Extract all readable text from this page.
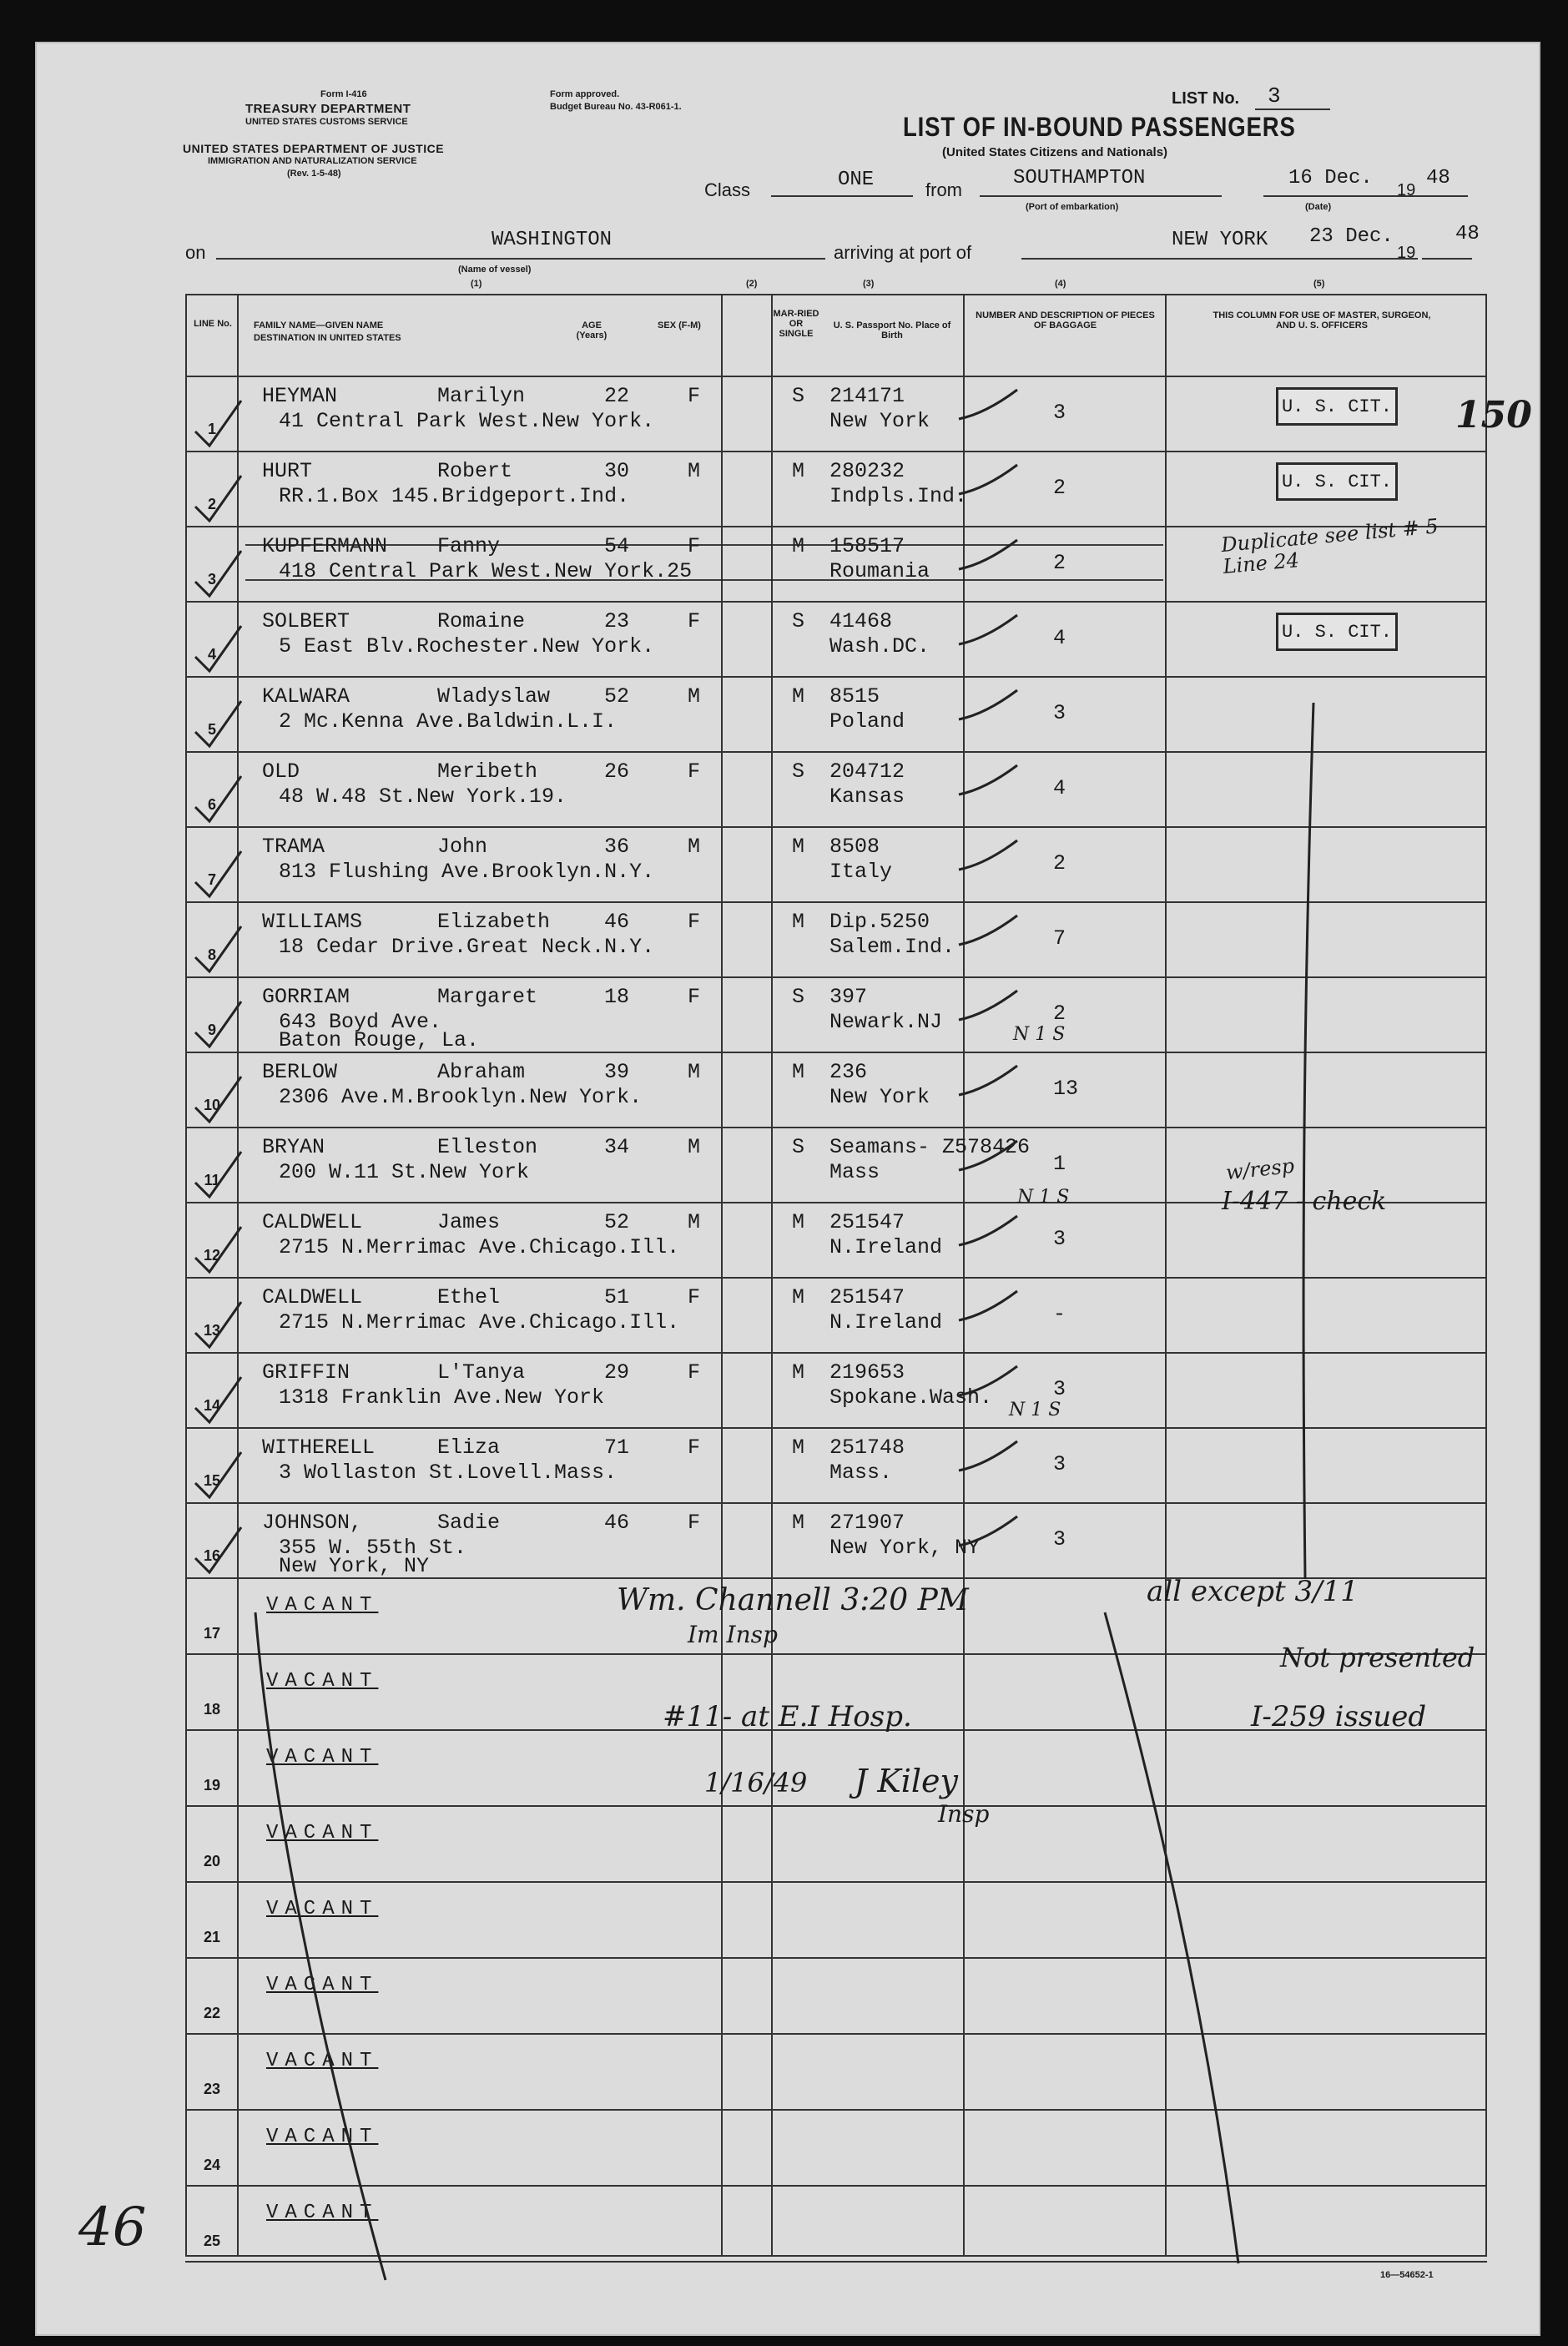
Form I-416
TREASURY DEPARTMENT
UNITED STATES CUSTOMS SERVICE
Form approved.
Budget Bureau No. 43-R061-1.
UNITED STATES DEPARTMENT OF JUSTICE
IMMIGRATION AND NATURALIZATION SERVICE
(Rev. 1-5-48)
LIST No. 3
LIST OF IN-BOUND PASSENGERS
(United States Citizens and Nationals)
Class	ONE	from
SOUTHAMPTON
(Port of embarkation)
16 Dec.
19
48
(Date)
on
WASHINGTON
(Name of vessel)
arriving at port of
NEW YORK 23 Dec.
19
48
(1)	(2)	(3)	(4)	(5)
LINE No. FAMILY NAME—GIVEN NAME
DESTINATION IN UNITED STATES
AGE (Years)
SEX (F-M)
MAR-RIED OR SINGLE
U. S. Passport No. Place of Birth
NUMBER AND DESCRIPTION OF PIECES OF BAGGAGE
THIS COLUMN FOR USE OF MASTER, SURGEON, AND U. S. OFFICERS
1
HEYMAN	Marilyn
41 Central Park West.New York.
22	F	S 214171
New York	3	U. S. CIT.
2
HURT	Robert
RR.1.Box 145.Bridgeport.Ind.
30	M	M 280232
Indpls.Ind.	2	U. S. CIT.
3
KUPFERMANN Fanny
418 Central Park West.New York.25
54	F	M 158517
Roumania	2
4
SOLBERT	Romaine
5 East Blv.Rochester.New York.
23	F	S 41468
Wash.DC.	4	U. S. CIT.
5
KALWARA	Wladyslaw
2 Mc.Kenna Ave.Baldwin.L.I.
52	M	M 8515
Poland	3
6
OLD	Meribeth
48 W.48 St.New York.19.
26	F	S 204712
Kansas	4
7
TRAMA	John
813 Flushing Ave.Brooklyn.N.Y.
36	M	M 8508
Italy	2
8
WILLIAMS	Elizabeth
18 Cedar Drive.Great Neck.N.Y.
46	F	M Dip.5250
Salem.Ind.	7
9
GORRIAM	Margaret
643 Boyd Ave.
Baton Rouge, La.
18	F	S 397
Newark.NJ	2
10
BERLOW	Abraham
2306 Ave.M.Brooklyn.New York.
39	M	M 236
New York	13
11
BRYAN	Elleston
200 W.11 St.New York
34	M	S Seamans- Z578426
Mass	1
12
CALDWELL	James
2715 N.Merrimac Ave.Chicago.Ill.
52	M	M 251547
N.Ireland	3
13
CALDWELL	Ethel
2715 N.Merrimac Ave.Chicago.Ill.
51	F	M 251547
N.Ireland	-
14
GRIFFIN	L'Tanya
1318 Franklin Ave.New York
29	F	M 219653
Spokane.Wash.	3
15
WITHERELL	Eliza
3 Wollaston St.Lovell.Mass.
71	F	M 251748
Mass.	3
16
JOHNSON,	Sadie
355 W. 55th St.
New York, NY
46	F	M 271907
New York, NY	3
17
VACANT
18
VACANT
19
VACANT
20
VACANT
21
VACANT
22
VACANT
23
VACANT
24
VACANT
25
VACANT
150
Duplicate see list # 5 Line 24
w/resp
I-447 - check
N 1 S
N 1 S
N 1 S
Wm. Channell 3:20 PM
Im Insp
all except 3/11
Not presented
I-259 issued
#11- at E.I Hosp.
1/16/49 J Kiley
Insp
46
16—54652-1
